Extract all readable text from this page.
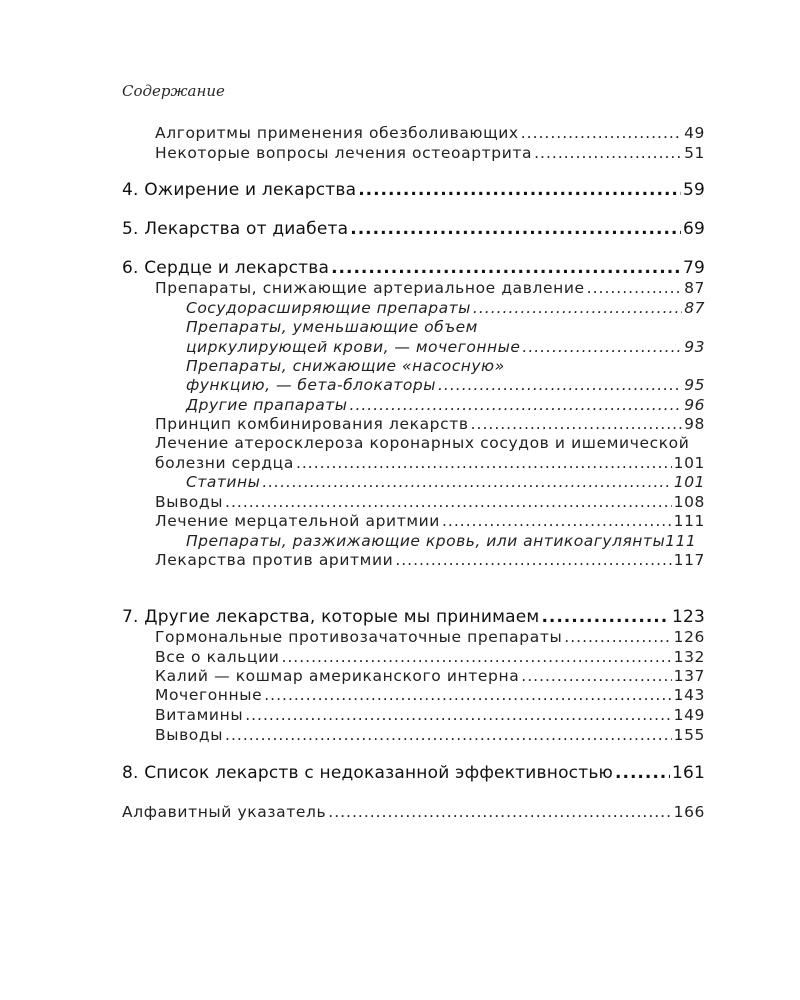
Содержание
Алгоритмы применения обезболивающих .....	49
Некоторые вопросы лечения остеоартрита .....	51
4. Ожирение и лекарства .....	59
5. Лекарства от диабета .....	69
6. Сердце и лекарства .....	79
Препараты, снижающие артериальное давление .....	87
Сосудорасширяющие препараты .....	87
Препараты, уменьшающие объем
циркулирующей крови, — мочегонные .....	93
Препараты, снижающие «насосную»
функцию, — бета-блокаторы .....	95
Другие прапараты .....	96
Принцип комбинирования лекарств .....	98
Лечение атеросклероза коронарных сосудов и ишемической
болезни сердца .....	101
Статины .....	101
Выводы .....	108
Лечение мерцательной аритмии .....	111
Препараты, разжижающие кровь, или антикоагулянты 111
Лекарства против аритмии .....	117
7. Другие лекарства, которые мы принимаем .....	123
Гормональные противозачаточные препараты .....	126
Все о кальции .....	132
Калий — кошмар американского интерна .....	137
Мочегонные .....	143
Витамины .....	149
Выводы .....	155
8. Список лекарств с недоказанной эффективностью .....	161
Алфавитный указатель .....	166
